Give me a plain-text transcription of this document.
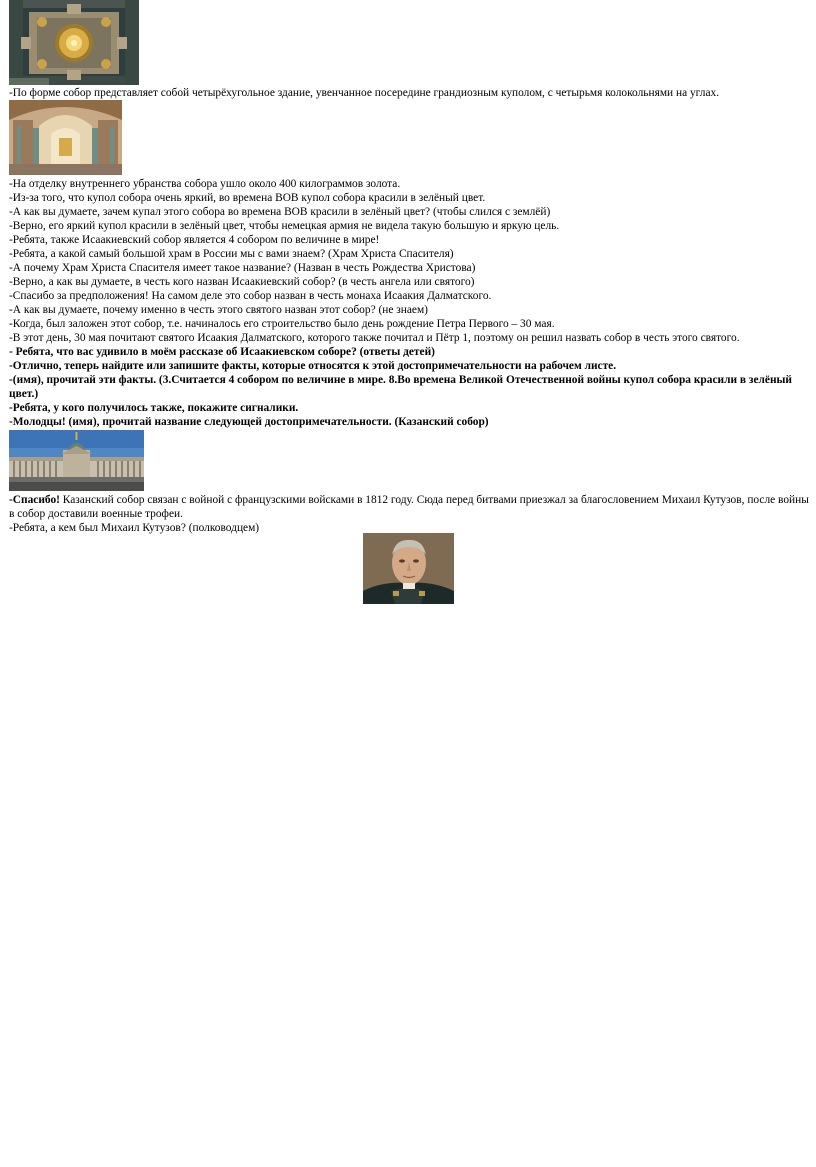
-По форме собор представляет собой четырёхугольное здание, увенчанное посередине грандиозным куполом, с четырьмя колокольнями на углах.
-На отделку внутреннего убранства собора ушло около 400 килограммов золота.
-Из-за того, что купол собора очень яркий, во времена ВОВ купол собора красили в зелёный цвет.
-А как вы думаете, зачем купал этого собора во времена ВОВ красили в зелёный цвет? (чтобы слился с землёй)
-Верно, его яркий купол красили в зелёный цвет, чтобы немецкая армия не видела такую большую и яркую цель.
-Ребята, также Исаакиевский собор является 4 собором по величине в мире!
-Ребята, а какой самый большой храм в России мы с вами знаем? (Храм Христа Спасителя)
-А почему Храм Христа Спасителя имеет такое название? (Назван в честь Рождества Христова)
-Верно, а как вы думаете, в честь кого назван Исаакиевский собор? (в честь ангела или святого)
-Спасибо за предположения! На самом деле это собор назван в честь монаха Исаакия Далматского.
-А как вы думаете, почему именно в честь этого святого назван этот собор? (не знаем)
-Когда, был заложен этот собор, т.е. начиналось его строительство было день рождение Петра Первого – 30 мая.
-В этот день, 30 мая почитают святого Исаакия Далматского, которого также почитал и Пётр 1, поэтому он решил назвать собор в честь этого святого.
- Ребята, что вас удивило в моём рассказе об Исаакиевском соборе? (ответы детей)
-Отлично, теперь найдите или запишите факты, которые относятся к этой достопримечательности на рабочем листе.
-(имя), прочитай эти факты. (3.Считается 4 собором по величине в мире. 8.Во времена Великой Отечественной войны купол собора красили в зелёный цвет.)
-Ребята, у кого получилось также, покажите сигналики.
-Молодцы! (имя), прочитай название следующей достопримечательности. (Казанский собор)
-Спасибо! Казанский собор связан с войной с французскими войсками в 1812 году. Сюда перед битвами приезжал за благословением Михаил Кутузов, после войны в собор доставили военные трофеи.
-Ребята, а кем был Михаил Кутузов? (полководцем)
